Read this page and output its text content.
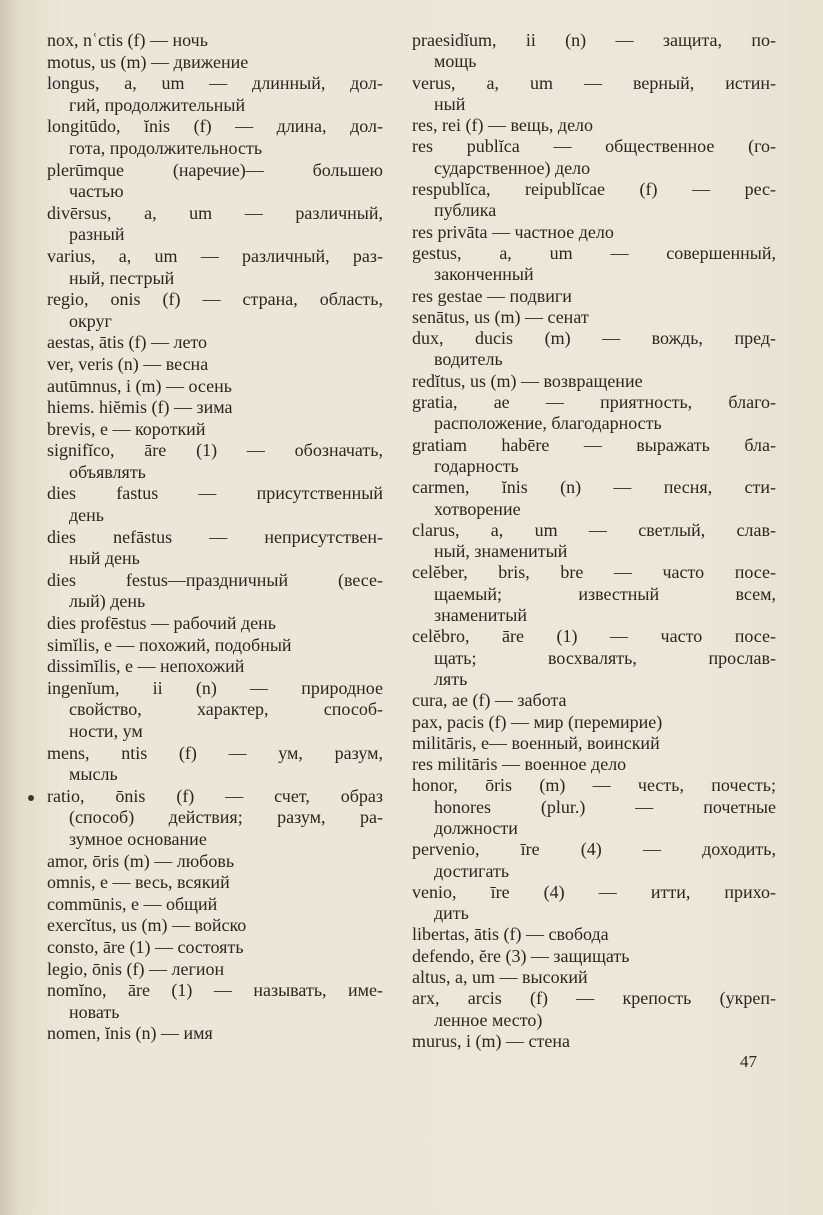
nox, nʿctis (f) — ночь
motus, us (m) — движение
longus, a, um — длинный, дол-
гий, продолжительный
longitūdo, ĭnis (f) — длина, дол-
гота, продолжительность
plerūmque (наречие)— большею
частью
divērsus, a, um — различный,
разный
varius, a, um — различный, раз-
ный, пестрый
regio, onis (f) — страна, область,
округ
aestas, ātis (f) — лето
ver, veris (n) — весна
autūmnus, i (m) — осень
hiems. hiĕmis (f) — зима
brevis, e — короткий
signifĭco, āre (1) — обозначать,
объявлять
dies fastus — присутственный
день
dies nefāstus — неприсутствен-
ный день
dies festus—праздничный (весе-
лый) день
dies profēstus — рабочий день
simĭlis, e — похожий, подобный
dissimĭlis, e — непохожий
ingenĭum, ii (n) — природное
свойство, характер, способ-
ности, ум
mens, ntis (f) — ум, разум,
мысль
ratio, ōnis (f) — счет, образ
(способ) действия; разум, ра-
зумное основание
amor, ōris (m) — любовь
omnis, e — весь, всякий
commūnis, e — общий
exercĭtus, us (m) — войско
consto, āre (1) — состоять
legio, ōnis (f) — легион
nomĭno, āre (1) — называть, име-
новать
nomen, ĭnis (n) — имя
praesidĭum, ii (n) — защита, по-
мощь
verus, a, um — верный, истин-
ный
res, rei (f) — вещь, дело
res publĭca — общественное (го-
сударственное) дело
respublĭca, reipublĭcae (f) — рес-
публика
res privāta — частное дело
gestus, a, um — совершенный,
законченный
res gestae — подвиги
senātus, us (m) — сенат
dux, ducis (m) — вождь, пред-
водитель
redĭtus, us (m) — возвращение
gratia, ae — приятность, благо-
расположение, благодарность
gratiam habēre — выражать бла-
годарность
carmen, ĭnis (n) — песня, сти-
хотворение
clarus, a, um — светлый, слав-
ный, знаменитый
celĕber, bris, bre — часто посе-
щаемый; известный всем,
знаменитый
celĕbro, āre (1) — часто посе-
щать; восхвалять, прослав-
лять
cura, ae (f) — забота
pax, pacis (f) — мир (перемирие)
militāris, e— военный, воинский
res militāris — военное дело
honor, ōris (m) — честь, почесть;
honores (plur.) — почетные
должности
pervenio, īre (4) — доходить,
достигать
venio, īre (4) — итти, прихо-
дить
libertas, ātis (f) — свобода
defendo, ĕre (3) — защищать
altus, a, um — высокий
arx, arcis (f) — крепость (укреп-
ленное место)
murus, i (m) — стена
47
